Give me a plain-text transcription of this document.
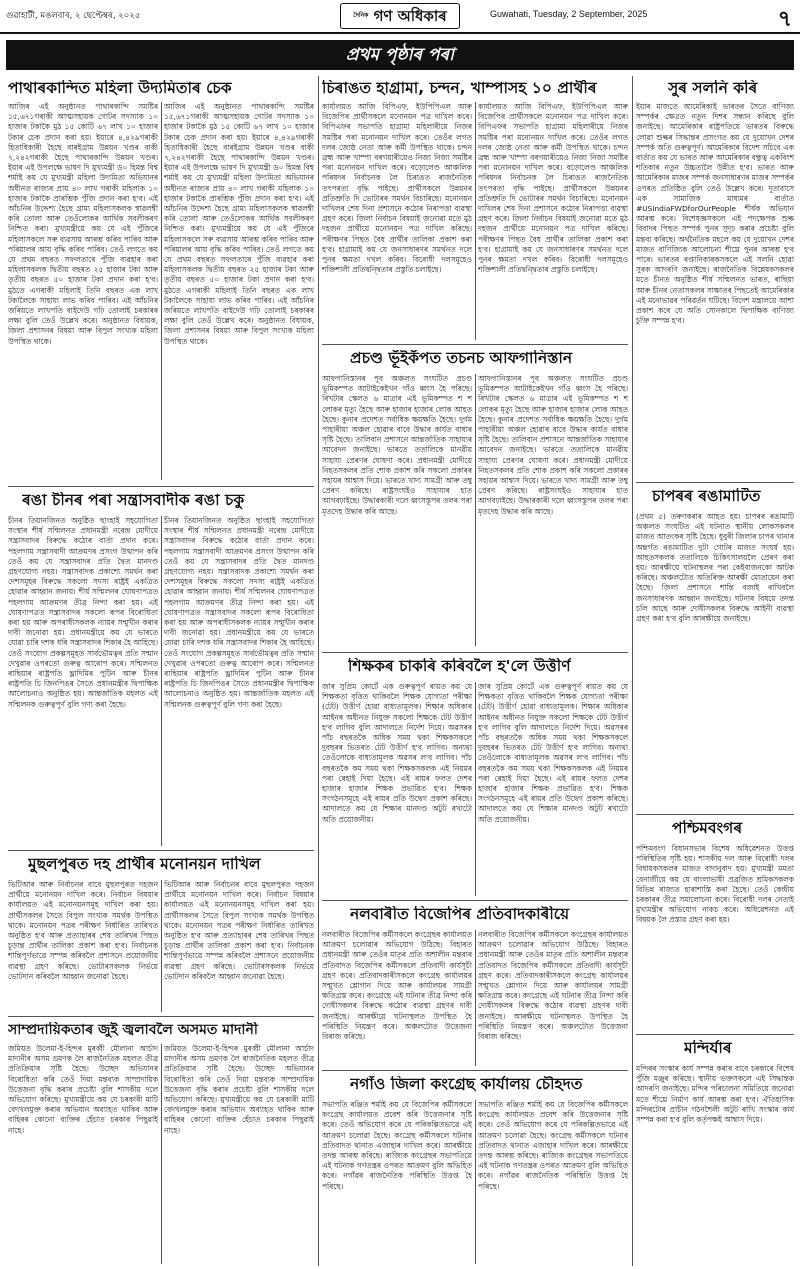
গুৱাহাটী, মঙলবাৰ, ২ ছেপ্টেম্বৰ, ২০২৫	$^{দৈনিক}$ গণ অধিকাৰ	Guwahati, Tuesday, 2 September, 2025	৭
প্ৰথম পৃষ্ঠাৰ পৰা
পাথাৰকান্দিত মহিলা উদ্যমিতাৰ চেক
আজিৰ এই অনুষ্ঠানত পাথাৰকান্দি সমষ্টিৰ ১৫,৬৭১গৰাকী আত্মসহায়ক গোটৰ সদস্যাক ১০ হাজাৰ টকাকৈ মুঠ ১৫ কোটি ৬৭ লাখ ১০ হাজাৰ টকাৰ চেক প্ৰদান কৰা হয়। ইয়াৰে ৪,৪২৯গৰাকী হিতাধিকাৰী হৈছে বাৰইগ্ৰাম উন্নয়ন খণ্ডৰ বাকী ৭,২৪২গৰাকী হৈছে পাথাৰকান্দি উন্নয়ন খণ্ডৰ। ইয়াৰ এই উপলক্ষে ভাষণ দি মুখ্যমন্ত্ৰী ড০ হিমন্ত বিশ্ব শৰ্মাই কয় যে মুখ্যমন্ত্ৰী মহিলা উদ্যমিতা অভিযানৰ অধীনত ৰাজ্যৰ প্ৰায় ৪০ লাখ গৰাকী মহিলাক ১০ হাজাৰ টকাকৈ প্ৰাৰম্ভিক পুঁজি প্ৰদান কৰা হ'ব। এই আঁচনিৰ উদ্দেশ্য হৈছে গ্ৰাম্য মহিলাসকলক স্বাৱলম্বী কৰি তোলা আৰু তেওঁলোকৰ আৰ্থিক সবলীকৰণ নিশ্চিত কৰা। মুখ্যমন্ত্ৰীয়ে কয় যে এই পুঁজিৰে মহিলাসকলে সৰু ব্যৱসায় আৰম্ভ কৰিব পাৰিব আৰু পৰিয়ালৰ আয় বৃদ্ধি কৰিব পাৰিব। তেওঁ লগতে কয় যে প্ৰথম বছৰত সফলতাৰে পুঁজি ব্যৱহাৰ কৰা মহিলাসকলক দ্বিতীয় বছৰত ২৫ হাজাৰ টকা আৰু তৃতীয় বছৰত ৫০ হাজাৰ টকা প্ৰদান কৰা হ'ব। মুঠতে এগৰাকী মহিলাই তিনি বছৰত এক লাখ টকালৈকে সাহায্য লাভ কৰিব পাৰিব। এই আঁচনিৰ জৰিয়তে লাখপতি বাইদেউ গঢ়ি তোলাই চৰকাৰৰ লক্ষ্য বুলি তেওঁ উল্লেখ কৰে। অনুষ্ঠানত বিধায়ক, জিলা প্ৰশাসনৰ বিষয়া আৰু বিপুল সংখ্যক মহিলা উপস্থিত থাকে।
আজিৰ এই অনুষ্ঠানত পাথাৰকান্দি সমষ্টিৰ ১৫,৬৭১গৰাকী আত্মসহায়ক গোটৰ সদস্যাক ১০ হাজাৰ টকাকৈ মুঠ ১৫ কোটি ৬৭ লাখ ১০ হাজাৰ টকাৰ চেক প্ৰদান কৰা হয়। ইয়াৰে ৪,৪২৯গৰাকী হিতাধিকাৰী হৈছে বাৰইগ্ৰাম উন্নয়ন খণ্ডৰ বাকী ৭,২৪২গৰাকী হৈছে পাথাৰকান্দি উন্নয়ন খণ্ডৰ। ইয়াৰ এই উপলক্ষে ভাষণ দি মুখ্যমন্ত্ৰী ড০ হিমন্ত বিশ্ব শৰ্মাই কয় যে মুখ্যমন্ত্ৰী মহিলা উদ্যমিতা অভিযানৰ অধীনত ৰাজ্যৰ প্ৰায় ৪০ লাখ গৰাকী মহিলাক ১০ হাজাৰ টকাকৈ প্ৰাৰম্ভিক পুঁজি প্ৰদান কৰা হ'ব। এই আঁচনিৰ উদ্দেশ্য হৈছে গ্ৰাম্য মহিলাসকলক স্বাৱলম্বী কৰি তোলা আৰু তেওঁলোকৰ আৰ্থিক সবলীকৰণ নিশ্চিত কৰা। মুখ্যমন্ত্ৰীয়ে কয় যে এই পুঁজিৰে মহিলাসকলে সৰু ব্যৱসায় আৰম্ভ কৰিব পাৰিব আৰু পৰিয়ালৰ আয় বৃদ্ধি কৰিব পাৰিব। তেওঁ লগতে কয় যে প্ৰথম বছৰত সফলতাৰে পুঁজি ব্যৱহাৰ কৰা মহিলাসকলক দ্বিতীয় বছৰত ২৫ হাজাৰ টকা আৰু তৃতীয় বছৰত ৫০ হাজাৰ টকা প্ৰদান কৰা হ'ব। মুঠতে এগৰাকী মহিলাই তিনি বছৰত এক লাখ টকালৈকে সাহায্য লাভ কৰিব পাৰিব। এই আঁচনিৰ জৰিয়তে লাখপতি বাইদেউ গঢ়ি তোলাই চৰকাৰৰ লক্ষ্য বুলি তেওঁ উল্লেখ কৰে। অনুষ্ঠানত বিধায়ক, জিলা প্ৰশাসনৰ বিষয়া আৰু বিপুল সংখ্যক মহিলা উপস্থিত থাকে।
ৰঙা চীনৰ পৰা সন্ত্ৰাসবাদীক ৰঙা চকু
চীনৰ তিয়ানজিনত অনুষ্ঠিত ছাংহাই সহযোগিতা সংস্থাৰ শীৰ্ষ সন্মিলনত প্ৰধানমন্ত্ৰী নৰেন্দ্ৰ মোদীয়ে সন্ত্ৰাসবাদৰ বিৰুদ্ধে কঠোৰ বাৰ্তা প্ৰদান কৰে। পহলগাম সন্ত্ৰাসবাদী আক্ৰমণৰ প্ৰসংগ উত্থাপন কৰি তেওঁ কয় যে সন্ত্ৰাসবাদৰ প্ৰতি দ্বৈত মানদণ্ড গ্ৰহণযোগ্য নহয়। সন্ত্ৰাসবাদক প্ৰকাশ্যে সমৰ্থন কৰা দেশসমূহৰ বিৰুদ্ধে সকলো সদস্য ৰাষ্ট্ৰই একত্ৰিত হোৱাৰ আহ্বান জনায়। শীৰ্ষ সন্মিলনৰ ঘোষণাপত্ৰত পহলগাম আক্ৰমণৰ তীব্ৰ নিন্দা কৰা হয়। এই ঘোষণাপত্ৰত সন্ত্ৰাসবাদৰ সকলো ৰূপৰ বিৰোধিতা কৰা হয় আৰু অপৰাধীসকলক ন্যায়ৰ সন্মুখীন কৰাৰ দাবী জনোৱা হয়। প্ৰধানমন্ত্ৰীয়ে কয় যে ভাৰতে যোৱা চাৰি দশক ধৰি সন্ত্ৰাসবাদৰ শিকাৰ হৈ আহিছে। তেওঁ সংযোগ প্ৰকল্পসমূহত সাৰ্বভৌমত্বৰ প্ৰতি সন্মান দেখুৱাৰ ওপৰতো গুৰুত্ব আৰোপ কৰে। সন্মিলনত ৰাছিয়াৰ ৰাষ্ট্ৰপতি ভ্লাদিমিৰ পুটিন আৰু চীনৰ ৰাষ্ট্ৰপতি চি জিনপিঙৰ সৈতে প্ৰধানমন্ত্ৰীৰ দ্বিপাক্ষিক আলোচনাও অনুষ্ঠিত হয়। আন্তৰ্জাতিক মহলত এই সন্মিলনক গুৰুত্বপূৰ্ণ বুলি গণ্য কৰা হৈছে।
চীনৰ তিয়ানজিনত অনুষ্ঠিত ছাংহাই সহযোগিতা সংস্থাৰ শীৰ্ষ সন্মিলনত প্ৰধানমন্ত্ৰী নৰেন্দ্ৰ মোদীয়ে সন্ত্ৰাসবাদৰ বিৰুদ্ধে কঠোৰ বাৰ্তা প্ৰদান কৰে। পহলগাম সন্ত্ৰাসবাদী আক্ৰমণৰ প্ৰসংগ উত্থাপন কৰি তেওঁ কয় যে সন্ত্ৰাসবাদৰ প্ৰতি দ্বৈত মানদণ্ড গ্ৰহণযোগ্য নহয়। সন্ত্ৰাসবাদক প্ৰকাশ্যে সমৰ্থন কৰা দেশসমূহৰ বিৰুদ্ধে সকলো সদস্য ৰাষ্ট্ৰই একত্ৰিত হোৱাৰ আহ্বান জনায়। শীৰ্ষ সন্মিলনৰ ঘোষণাপত্ৰত পহলগাম আক্ৰমণৰ তীব্ৰ নিন্দা কৰা হয়। এই ঘোষণাপত্ৰত সন্ত্ৰাসবাদৰ সকলো ৰূপৰ বিৰোধিতা কৰা হয় আৰু অপৰাধীসকলক ন্যায়ৰ সন্মুখীন কৰাৰ দাবী জনোৱা হয়। প্ৰধানমন্ত্ৰীয়ে কয় যে ভাৰতে যোৱা চাৰি দশক ধৰি সন্ত্ৰাসবাদৰ শিকাৰ হৈ আহিছে। তেওঁ সংযোগ প্ৰকল্পসমূহত সাৰ্বভৌমত্বৰ প্ৰতি সন্মান দেখুৱাৰ ওপৰতো গুৰুত্ব আৰোপ কৰে। সন্মিলনত ৰাছিয়াৰ ৰাষ্ট্ৰপতি ভ্লাদিমিৰ পুটিন আৰু চীনৰ ৰাষ্ট্ৰপতি চি জিনপিঙৰ সৈতে প্ৰধানমন্ত্ৰীৰ দ্বিপাক্ষিক আলোচনাও অনুষ্ঠিত হয়। আন্তৰ্জাতিক মহলত এই সন্মিলনক গুৰুত্বপূৰ্ণ বুলি গণ্য কৰা হৈছে।
মুছলপুৰত দহ প্ৰাৰ্থীৰ মনোনয়ন দাখিল
ভিটিআৰ আৰু নিৰ্বাচনৰ বাবে মুছলপুৰত দহজন প্ৰাৰ্থীয়ে মনোনয়ন দাখিল কৰে। নিৰ্বাচন বিষয়াৰ কাৰ্যালয়ত এই মনোনয়নসমূহ দাখিল কৰা হয়। প্ৰাৰ্থীসকলৰ সৈতে বিপুল সংখ্যক সমৰ্থক উপস্থিত থাকে। মনোনয়ন পত্ৰৰ পৰীক্ষণ নিৰ্ধাৰিত তাৰিখত অনুষ্ঠিত হ'ব আৰু প্ৰত্যাহাৰৰ শেষ তাৰিখৰ পিছত চূড়ান্ত প্ৰাৰ্থীৰ তালিকা প্ৰকাশ কৰা হ'ব। নিৰ্বাচনক শান্তিপূৰ্ণভাৱে সম্পন্ন কৰিবলৈ প্ৰশাসনে প্ৰয়োজনীয় ব্যৱস্থা গ্ৰহণ কৰিছে। ভোটাৰসকলক নিৰ্ভয়ে ভোটদান কৰিবলৈ আহ্বান জনোৱা হৈছে।
ভিটিআৰ আৰু নিৰ্বাচনৰ বাবে মুছলপুৰত দহজন প্ৰাৰ্থীয়ে মনোনয়ন দাখিল কৰে। নিৰ্বাচন বিষয়াৰ কাৰ্যালয়ত এই মনোনয়নসমূহ দাখিল কৰা হয়। প্ৰাৰ্থীসকলৰ সৈতে বিপুল সংখ্যক সমৰ্থক উপস্থিত থাকে। মনোনয়ন পত্ৰৰ পৰীক্ষণ নিৰ্ধাৰিত তাৰিখত অনুষ্ঠিত হ'ব আৰু প্ৰত্যাহাৰৰ শেষ তাৰিখৰ পিছত চূড়ান্ত প্ৰাৰ্থীৰ তালিকা প্ৰকাশ কৰা হ'ব। নিৰ্বাচনক শান্তিপূৰ্ণভাৱে সম্পন্ন কৰিবলৈ প্ৰশাসনে প্ৰয়োজনীয় ব্যৱস্থা গ্ৰহণ কৰিছে। ভোটাৰসকলক নিৰ্ভয়ে ভোটদান কৰিবলৈ আহ্বান জনোৱা হৈছে।
সাম্প্ৰদায়িকতাৰ জুই জ্বলাবলৈ অসমত মাদানী
জমিয়ত উলেমা-ই-হিন্দৰ মুৰব্বী মৌলানা আৰ্চাদ মাদানীৰ অসম ভ্ৰমণক লৈ ৰাজনৈতিক মহলত তীব্ৰ প্ৰতিক্ৰিয়াৰ সৃষ্টি হৈছে। উচ্ছেদ অভিযানৰ বিৰোধিতা কৰি তেওঁ দিয়া মন্তব্যক সাম্প্ৰদায়িক উত্তেজনা বৃদ্ধি কৰাৰ প্ৰচেষ্টা বুলি শাসকীয় দলে অভিযোগ কৰিছে। মুখ্যমন্ত্ৰীয়ে কয় যে চৰকাৰী মাটি বেদখলমুক্ত কৰাৰ অভিযান অব্যাহত থাকিব আৰু বাহিৰৰ কোনো ব্যক্তিৰ হেঁচাত চৰকাৰ পিছুৱাই নাহে।
জমিয়ত উলেমা-ই-হিন্দৰ মুৰব্বী মৌলানা আৰ্চাদ মাদানীৰ অসম ভ্ৰমণক লৈ ৰাজনৈতিক মহলত তীব্ৰ প্ৰতিক্ৰিয়াৰ সৃষ্টি হৈছে। উচ্ছেদ অভিযানৰ বিৰোধিতা কৰি তেওঁ দিয়া মন্তব্যক সাম্প্ৰদায়িক উত্তেজনা বৃদ্ধি কৰাৰ প্ৰচেষ্টা বুলি শাসকীয় দলে অভিযোগ কৰিছে। মুখ্যমন্ত্ৰীয়ে কয় যে চৰকাৰী মাটি বেদখলমুক্ত কৰাৰ অভিযান অব্যাহত থাকিব আৰু বাহিৰৰ কোনো ব্যক্তিৰ হেঁচাত চৰকাৰ পিছুৱাই নাহে।
চিৰাঙত হাগ্ৰামা, চন্দন, খাম্পাসহ ১০ প্ৰাৰ্থীৰ
কাৰ্যালয়ত আজি বিপিএফ, ইউপিপিএল আৰু বিজেপিৰ প্ৰাৰ্থীসকলে মনোনয়ন পত্ৰ দাখিল কৰে। বিপিএফৰ সভাপতি হাগ্ৰামা মহিলাৰীয়ে নিজৰ সমষ্টিৰ পৰা মনোনয়ন দাখিল কৰে। তেওঁৰ লগত দলৰ জ্যেষ্ঠ নেতা আৰু কৰ্মী উপস্থিত থাকে। চন্দন ব্ৰহ্ম আৰু খাম্পা বৰগয়াৰীয়েও নিজা নিজা সমষ্টিৰ পৰা মনোনয়ন দাখিল কৰে। বড়োলেণ্ড আঞ্চলিক পৰিষদৰ নিৰ্বাচনক লৈ চিৰাঙত ৰাজনৈতিক তৎপৰতা বৃদ্ধি পাইছে। প্ৰাৰ্থীসকলে উন্নয়নৰ প্ৰতিশ্ৰুতি দি ভোটাৰৰ সমৰ্থন বিচাৰিছে। মনোনয়ন দাখিলৰ শেষ দিনা প্ৰশাসনে কঠোৰ নিৰাপত্তা ব্যৱস্থা গ্ৰহণ কৰে। জিলা নিৰ্বাচন বিষয়াই জনোৱা মতে মুঠ দহজন প্ৰাৰ্থীয়ে মনোনয়ন পত্ৰ দাখিল কৰিছে। পৰীক্ষণৰ পিছত বৈধ প্ৰাৰ্থীৰ তালিকা প্ৰকাশ কৰা হ'ব। হাগ্ৰামাই কয় যে জনসাধাৰণৰ সমৰ্থনত দলে পুনৰ ক্ষমতা দখল কৰিব। বিৰোধী দলসমূহেও শক্তিশালী প্ৰতিদ্বন্দ্বিতাৰ প্ৰস্তুতি চলাইছে।
কাৰ্যালয়ত আজি বিপিএফ, ইউপিপিএল আৰু বিজেপিৰ প্ৰাৰ্থীসকলে মনোনয়ন পত্ৰ দাখিল কৰে। বিপিএফৰ সভাপতি হাগ্ৰামা মহিলাৰীয়ে নিজৰ সমষ্টিৰ পৰা মনোনয়ন দাখিল কৰে। তেওঁৰ লগত দলৰ জ্যেষ্ঠ নেতা আৰু কৰ্মী উপস্থিত থাকে। চন্দন ব্ৰহ্ম আৰু খাম্পা বৰগয়াৰীয়েও নিজা নিজা সমষ্টিৰ পৰা মনোনয়ন দাখিল কৰে। বড়োলেণ্ড আঞ্চলিক পৰিষদৰ নিৰ্বাচনক লৈ চিৰাঙত ৰাজনৈতিক তৎপৰতা বৃদ্ধি পাইছে। প্ৰাৰ্থীসকলে উন্নয়নৰ প্ৰতিশ্ৰুতি দি ভোটাৰৰ সমৰ্থন বিচাৰিছে। মনোনয়ন দাখিলৰ শেষ দিনা প্ৰশাসনে কঠোৰ নিৰাপত্তা ব্যৱস্থা গ্ৰহণ কৰে। জিলা নিৰ্বাচন বিষয়াই জনোৱা মতে মুঠ দহজন প্ৰাৰ্থীয়ে মনোনয়ন পত্ৰ দাখিল কৰিছে। পৰীক্ষণৰ পিছত বৈধ প্ৰাৰ্থীৰ তালিকা প্ৰকাশ কৰা হ'ব। হাগ্ৰামাই কয় যে জনসাধাৰণৰ সমৰ্থনত দলে পুনৰ ক্ষমতা দখল কৰিব। বিৰোধী দলসমূহেও শক্তিশালী প্ৰতিদ্বন্দ্বিতাৰ প্ৰস্তুতি চলাইছে।
প্ৰচণ্ড ভূঁইকঁপত তচনচ আফগানিস্তান
আফগানিস্তানৰ পূব অঞ্চলত সংঘটিত প্ৰচণ্ড ভূমিকম্পত আটাইকেইখন গাঁও ধ্বংস হৈ পৰিছে। ৰিখটাৰ স্কেলত ৬ মাত্ৰাৰ এই ভূমিকম্পত শ শ লোকৰ মৃত্যু হৈছে আৰু হাজাৰ হাজাৰ লোক আহত হৈছে। কুনাৰ প্ৰদেশত সৰ্বাধিক ক্ষয়ক্ষতি হৈছে। দুৰ্গম পাহাৰীয়া অঞ্চল হোৱাৰ বাবে উদ্ধাৰ কাৰ্যত বাধাৰ সৃষ্টি হৈছে। তালিবান প্ৰশাসনে আন্তৰ্জাতিক সাহায্যৰ আবেদন জনাইছে। ভাৰতে ততালিকে মানৱীয় সাহায্য প্ৰেৰণৰ ঘোষণা কৰে। প্ৰধানমন্ত্ৰী মোদীয়ে নিহতসকলৰ প্ৰতি শোক প্ৰকাশ কৰি সকলো প্ৰকাৰৰ সহায়ৰ আশ্বাস দিয়ে। ভাৰতে খাদ্য সামগ্ৰী আৰু তম্বু প্ৰেৰণ কৰিছে। ৰাষ্ট্ৰসংঘইও সাহায্যৰ হাত আগবঢ়াইছে। উদ্ধাৰকাৰী দলে ধ্বংসস্তূপৰ তলৰ পৰা মৃতদেহ উদ্ধাৰ কৰি আছে।
আফগানিস্তানৰ পূব অঞ্চলত সংঘটিত প্ৰচণ্ড ভূমিকম্পত আটাইকেইখন গাঁও ধ্বংস হৈ পৰিছে। ৰিখটাৰ স্কেলত ৬ মাত্ৰাৰ এই ভূমিকম্পত শ শ লোকৰ মৃত্যু হৈছে আৰু হাজাৰ হাজাৰ লোক আহত হৈছে। কুনাৰ প্ৰদেশত সৰ্বাধিক ক্ষয়ক্ষতি হৈছে। দুৰ্গম পাহাৰীয়া অঞ্চল হোৱাৰ বাবে উদ্ধাৰ কাৰ্যত বাধাৰ সৃষ্টি হৈছে। তালিবান প্ৰশাসনে আন্তৰ্জাতিক সাহায্যৰ আবেদন জনাইছে। ভাৰতে ততালিকে মানৱীয় সাহায্য প্ৰেৰণৰ ঘোষণা কৰে। প্ৰধানমন্ত্ৰী মোদীয়ে নিহতসকলৰ প্ৰতি শোক প্ৰকাশ কৰি সকলো প্ৰকাৰৰ সহায়ৰ আশ্বাস দিয়ে। ভাৰতে খাদ্য সামগ্ৰী আৰু তম্বু প্ৰেৰণ কৰিছে। ৰাষ্ট্ৰসংঘইও সাহায্যৰ হাত আগবঢ়াইছে। উদ্ধাৰকাৰী দলে ধ্বংসস্তূপৰ তলৰ পৰা মৃতদেহ উদ্ধাৰ কৰি আছে।
শিক্ষকৰ চাকৰি কৰিবলৈ হ'লে উত্তীৰ্ণ
জাৰ সুপ্ৰিম কোৰ্টে এক গুৰুত্বপূৰ্ণ ৰায়ত কয় যে শিক্ষকতা বৃত্তিত থাকিবলৈ শিক্ষক যোগ্যতা পৰীক্ষা (টেট) উত্তীৰ্ণ হোৱা বাধ্যতামূলক। শিক্ষাৰ অধিকাৰ আইনৰ অধীনত নিযুক্ত সকলো শিক্ষকে টেট উত্তীৰ্ণ হ'ব লাগিব বুলি আদালতে নিৰ্দেশ দিয়ে। অৱসৰৰ পাঁচ বছৰতকৈ অধিক সময় থকা শিক্ষকসকলে দুবছৰৰ ভিতৰত টেট উত্তীৰ্ণ হ'ব লাগিব। অন্যথা তেওঁলোকে বাধ্যতামূলক অৱসৰ ল'ব লাগিব। পাঁচ বছৰতকৈ কম সময় থকা শিক্ষকসকলক এই নিয়মৰ পৰা ৰেহাই দিয়া হৈছে। এই ৰায়ৰ ফলত দেশৰ হাজাৰ হাজাৰ শিক্ষক প্ৰভাৱিত হ'ব। শিক্ষক সংগঠনসমূহে এই ৰায়ৰ প্ৰতি উদ্বেগ প্ৰকাশ কৰিছে। আদালতে কয় যে শিক্ষাৰ মানদণ্ড অটুট ৰখাটো অতি প্ৰয়োজনীয়।
জাৰ সুপ্ৰিম কোৰ্টে এক গুৰুত্বপূৰ্ণ ৰায়ত কয় যে শিক্ষকতা বৃত্তিত থাকিবলৈ শিক্ষক যোগ্যতা পৰীক্ষা (টেট) উত্তীৰ্ণ হোৱা বাধ্যতামূলক। শিক্ষাৰ অধিকাৰ আইনৰ অধীনত নিযুক্ত সকলো শিক্ষকে টেট উত্তীৰ্ণ হ'ব লাগিব বুলি আদালতে নিৰ্দেশ দিয়ে। অৱসৰৰ পাঁচ বছৰতকৈ অধিক সময় থকা শিক্ষকসকলে দুবছৰৰ ভিতৰত টেট উত্তীৰ্ণ হ'ব লাগিব। অন্যথা তেওঁলোকে বাধ্যতামূলক অৱসৰ ল'ব লাগিব। পাঁচ বছৰতকৈ কম সময় থকা শিক্ষকসকলক এই নিয়মৰ পৰা ৰেহাই দিয়া হৈছে। এই ৰায়ৰ ফলত দেশৰ হাজাৰ হাজাৰ শিক্ষক প্ৰভাৱিত হ'ব। শিক্ষক সংগঠনসমূহে এই ৰায়ৰ প্ৰতি উদ্বেগ প্ৰকাশ কৰিছে। আদালতে কয় যে শিক্ষাৰ মানদণ্ড অটুট ৰখাটো অতি প্ৰয়োজনীয়।
নলবাৰীত বিজেপিৰ প্ৰতিবাদকাৰীয়ে
নলবাৰীত বিজেপিৰ কৰ্মীসকলে কংগ্ৰেছৰ কাৰ্যালয়ত আক্ৰমণ চলোৱাৰ অভিযোগ উঠিছে। বিহাৰত প্ৰধানমন্ত্ৰী আৰু তেওঁৰ মাতৃৰ প্ৰতি অশালীন মন্তব্যৰ প্ৰতিবাদত বিজেপিৰ কৰ্মীসকলে প্ৰতিবাদী কাৰ্যসূচী গ্ৰহণ কৰে। প্ৰতিবাদকাৰীসকলে কংগ্ৰেছ কাৰ্যালয়ৰ সন্মুখত শ্লোগান দিয়ে আৰু কাৰ্যালয়ৰ সামগ্ৰী ক্ষতিগ্ৰস্ত কৰে। কংগ্ৰেছে এই ঘটনাৰ তীব্ৰ নিন্দা কৰি দোষীসকলৰ বিৰুদ্ধে কঠোৰ ব্যৱস্থা গ্ৰহণৰ দাবী জনাইছে। আৰক্ষীয়ে ঘটনাস্থলত উপস্থিত হৈ পৰিস্থিতি নিয়ন্ত্ৰণ কৰে। অঞ্চলটোত উত্তেজনা বিৰাজ কৰিছে।
নলবাৰীত বিজেপিৰ কৰ্মীসকলে কংগ্ৰেছৰ কাৰ্যালয়ত আক্ৰমণ চলোৱাৰ অভিযোগ উঠিছে। বিহাৰত প্ৰধানমন্ত্ৰী আৰু তেওঁৰ মাতৃৰ প্ৰতি অশালীন মন্তব্যৰ প্ৰতিবাদত বিজেপিৰ কৰ্মীসকলে প্ৰতিবাদী কাৰ্যসূচী গ্ৰহণ কৰে। প্ৰতিবাদকাৰীসকলে কংগ্ৰেছ কাৰ্যালয়ৰ সন্মুখত শ্লোগান দিয়ে আৰু কাৰ্যালয়ৰ সামগ্ৰী ক্ষতিগ্ৰস্ত কৰে। কংগ্ৰেছে এই ঘটনাৰ তীব্ৰ নিন্দা কৰি দোষীসকলৰ বিৰুদ্ধে কঠোৰ ব্যৱস্থা গ্ৰহণৰ দাবী জনাইছে। আৰক্ষীয়ে ঘটনাস্থলত উপস্থিত হৈ পৰিস্থিতি নিয়ন্ত্ৰণ কৰে। অঞ্চলটোত উত্তেজনা বিৰাজ কৰিছে।
নগাঁও জিলা কংগ্ৰেছ কাৰ্যালয় চৌহদত
সভাপতি ৰঞ্জিত শৰ্মাই কয় যে বিজেপিৰ কৰ্মীসকলে কংগ্ৰেছ কাৰ্যালয়ত প্ৰবেশ কৰি উত্তেজনাৰ সৃষ্টি কৰে। তেওঁ অভিযোগ কৰে যে পৰিকল্পিতভাৱে এই আক্ৰমণ চলোৱা হৈছে। কংগ্ৰেছ কৰ্মীসকলে ঘটনাৰ প্ৰতিবাদত থানাত এজাহাৰ দাখিল কৰে। আৰক্ষীয়ে তদন্ত আৰম্ভ কৰিছে। ৰাজ্যিক কংগ্ৰেছৰ সভাপতিয়ে এই ঘটনাক গণতন্ত্ৰৰ ওপৰত আক্ৰমণ বুলি অভিহিত কৰে। নগাঁৱৰ ৰাজনৈতিক পৰিস্থিতি উত্তপ্ত হৈ পৰিছে।
সভাপতি ৰঞ্জিত শৰ্মাই কয় যে বিজেপিৰ কৰ্মীসকলে কংগ্ৰেছ কাৰ্যালয়ত প্ৰবেশ কৰি উত্তেজনাৰ সৃষ্টি কৰে। তেওঁ অভিযোগ কৰে যে পৰিকল্পিতভাৱে এই আক্ৰমণ চলোৱা হৈছে। কংগ্ৰেছ কৰ্মীসকলে ঘটনাৰ প্ৰতিবাদত থানাত এজাহাৰ দাখিল কৰে। আৰক্ষীয়ে তদন্ত আৰম্ভ কৰিছে। ৰাজ্যিক কংগ্ৰেছৰ সভাপতিয়ে এই ঘটনাক গণতন্ত্ৰৰ ওপৰত আক্ৰমণ বুলি অভিহিত কৰে। নগাঁৱৰ ৰাজনৈতিক পৰিস্থিতি উত্তপ্ত হৈ পৰিছে।
সুৰ সলনি কৰি
ইয়াৰ মাজতে আমেৰিকাই ভাৰতৰ সৈতে বাণিজ্য সম্পৰ্কৰ ক্ষেত্ৰত নতুন দিশৰ সন্ধান কৰিছে বুলি জনাইছে। আমেৰিকাৰ ৰাষ্ট্ৰপতিয়ে ভাৰতৰ বিৰুদ্ধে লোৱা শুল্কৰ সিদ্ধান্তৰ প্ৰসংগত কয় যে দুয়োখন দেশৰ সম্পৰ্ক অতি গুৰুত্বপূৰ্ণ। আমেৰিকাৰ বিদেশ সচিবে এক বাৰ্তাত কয় যে ভাৰত আৰু আমেৰিকাৰ বন্ধুত্ব একবিংশ শতিকাৰ নতুন উচ্চতালৈ উন্নীত হ'ব। ভাৰত আৰু আমেৰিকাৰ মাজৰ সম্পৰ্ক জনসাধাৰণৰ মাজৰ সম্পৰ্কৰ ওপৰত প্ৰতিষ্ঠিত বুলি তেওঁ উল্লেখ কৰে। দূতাবাসে এক সামাজিক মাধ্যমৰ বাৰ্তাত #USIndiaFWDforOurPeople শীৰ্ষক অভিযান আৰম্ভ কৰে। বিশেষজ্ঞসকলে এই পদক্ষেপক শুল্ক বিবাদৰ পিছত সম্পৰ্ক পুনৰ সুদৃঢ় কৰাৰ প্ৰচেষ্টা বুলি মন্তব্য কৰিছে। অৰ্থনৈতিক মহলে কয় যে দুয়োখন দেশৰ মাজত বাণিজ্যিক আলোচনা শীঘ্ৰে পুনৰ আৰম্ভ হ'ব পাৰে। ভাৰতৰ ৰপ্তানিকাৰকসকলে এই সলনি হোৱা সুৰক আদৰণি জনাইছে। ৰাজনৈতিক বিশ্লেষকসকলৰ মতে চীনত অনুষ্ঠিত শীৰ্ষ সন্মিলনত ভাৰত, ৰাছিয়া আৰু চীনৰ নেতাসকলৰ সাক্ষাতৰ পিছতেই আমেৰিকাৰ এই মনোভাৱৰ পৰিৱৰ্তন ঘটিছে। বিদেশ মন্ত্ৰালয়ে আশা প্ৰকাশ কৰে যে অতি সোনকালে দ্বিপাক্ষিক বাণিজ্য চুক্তি সম্পন্ন হ'ব।
চাপৰৰ ৰঙামাটিত
(প্ৰথম ৫) তৰুণকৰাৰ আহত হয়। চাপৰৰ ৰঙামাটি অঞ্চলত সংঘটিত এই ঘটনাত স্থানীয় লোকসকলৰ মাজত আতংকৰ সৃষ্টি হৈছে। ধুবুৰী জিলাৰ চাপৰ থানাৰ অন্তৰ্গত ৰঙামাটিত দুটা গোটৰ মাজত সংঘৰ্ষ হয়। আহতসকলক ততালিকে চিকিৎসালয়লৈ প্ৰেৰণ কৰা হয়। আৰক্ষীয়ে ঘটনাস্থলৰ পৰা কেইবাজনকো আটক কৰিছে। অঞ্চলটোত অতিৰিক্ত আৰক্ষী মোতায়েন কৰা হৈছে। জিলা প্ৰশাসনে শান্তি বজাই ৰাখিবলৈ জনসাধাৰণক আহ্বান জনাইছে। ঘটনাৰ বিষয়ে তদন্ত চলি আছে আৰু দোষীসকলৰ বিৰুদ্ধে আইনী ব্যৱস্থা গ্ৰহণ কৰা হ'ব বুলি আৰক্ষীয়ে জনাইছে।
পশ্চিমবংগৰ
পশ্চিমবংগ বিধানসভাৰ বিশেষ অধিৱেশনত উত্তপ্ত পৰিস্থিতিৰ সৃষ্টি হয়। শাসকীয় দল আৰু বিৰোধী দলৰ বিধায়কসকলৰ মাজত বাদানুবাদ হয়। মুখ্যমন্ত্ৰী মমতা বেনাৰ্জীয়ে কয় যে বাংলাভাষী প্ৰব্ৰজিত শ্ৰমিকসকলক বিভিন্ন ৰাজ্যত হাৰাশাস্তি কৰা হৈছে। তেওঁ কেন্দ্ৰীয় চৰকাৰৰ তীব্ৰ সমালোচনা কৰে। বিৰোধী দলৰ নেতাই মুখ্যমন্ত্ৰীৰ অভিযোগ নাকচ কৰে। অধিৱেশনত এই বিষয়ক লৈ প্ৰস্তাৱ গ্ৰহণ কৰা হয়।
মন্দিৰ্যাৰ
মন্দিৰৰ সংস্কাৰ কাৰ্য সম্পন্ন কৰাৰ বাবে চৰকাৰে বিশেষ পুঁজি মঞ্জুৰ কৰিছে। স্থানীয় ভক্তসকলে এই সিদ্ধান্তক আদৰণি জনাইছে। মন্দিৰ পৰিচালনা সমিতিয়ে জনোৱা মতে শীঘ্ৰে নিৰ্মাণ কাৰ্য আৰম্ভ কৰা হ'ব। ঐতিহাসিক মন্দিৰটোৰ প্ৰাচীন গঠনশৈলী অটুট ৰাখি সংস্কাৰ কাৰ্য সম্পন্ন কৰা হ'ব বুলি কৰ্তৃপক্ষই আশ্বাস দিয়ে।
